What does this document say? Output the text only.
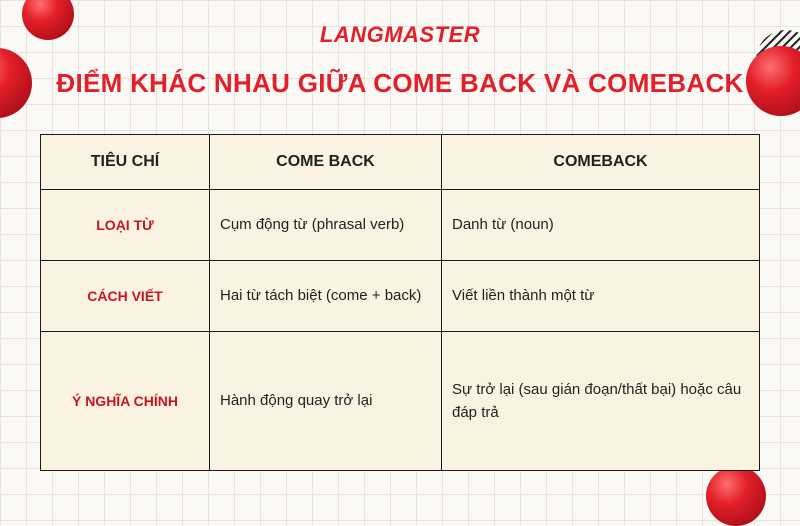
LANGMASTER
ĐIỂM KHÁC NHAU GIỮA COME BACK VÀ COMEBACK
TIÊU CHÍ	COME BACK	COMEBACK
LOẠI TỪ	Cụm động từ (phrasal verb)	Danh từ (noun)
CÁCH VIẾT	Hai từ tách biệt (come + back)	Viết liền thành một từ
Ý NGHĨA CHÍNH	Hành động quay trở lại	Sự trở lại (sau gián đoạn/thất bại) hoặc câu đáp trả
